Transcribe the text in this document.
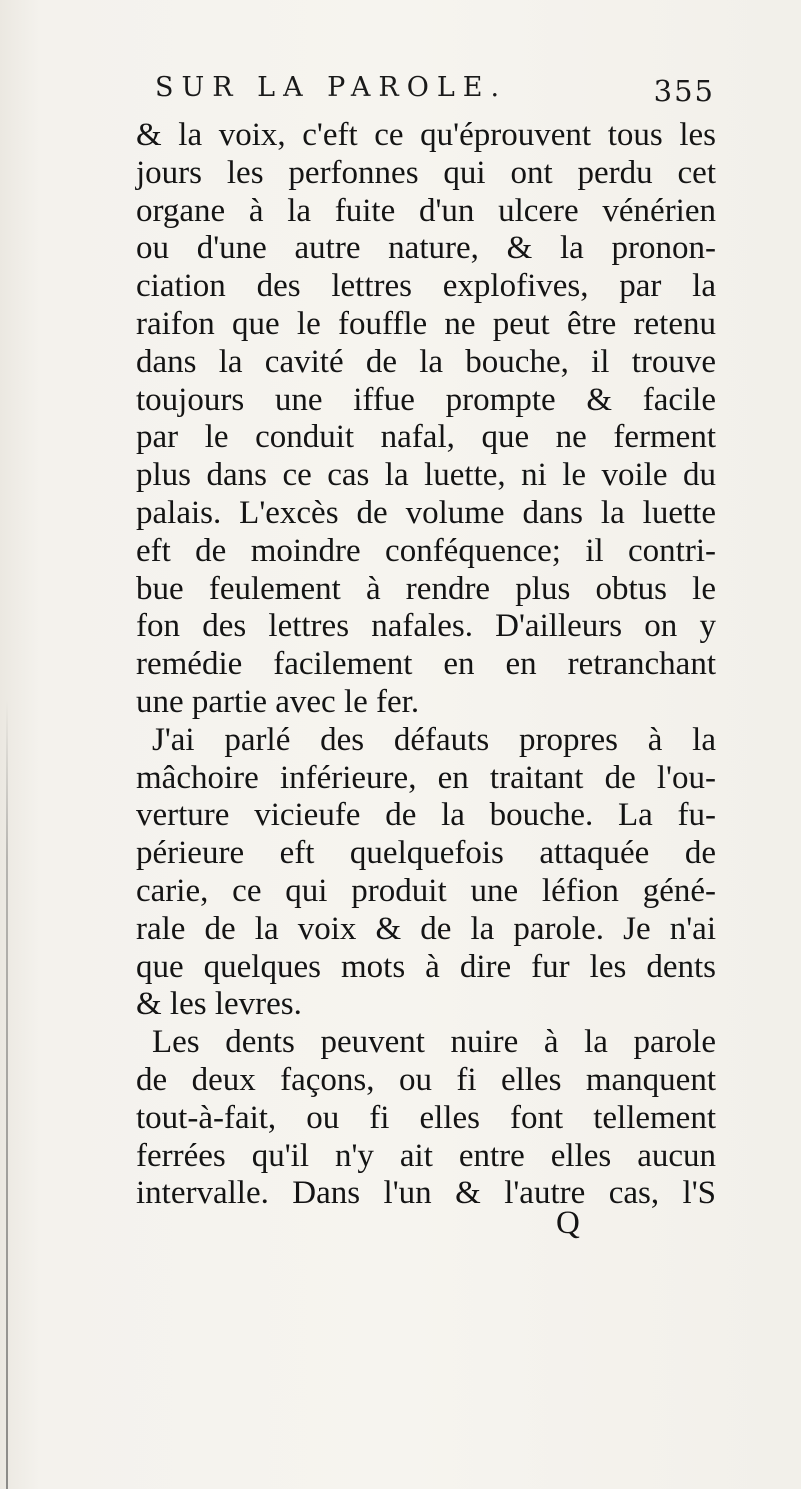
SUR LA PAROLE.	355
& la voix, c'eft ce qu'éprouvent tous les
jours les perfonnes qui ont perdu cet
organe à la fuite d'un ulcere vénérien
ou d'une autre nature, & la pronon-
ciation des lettres explofives, par la
raifon que le fouffle ne peut être retenu
dans la cavité de la bouche, il trouve
toujours une iffue prompte & facile
par le conduit nafal, que ne ferment
plus dans ce cas la luette, ni le voile du
palais. L'excès de volume dans la luette
eft de moindre conféquence; il contri-
bue feulement à rendre plus obtus le
fon des lettres nafales. D'ailleurs on y
remédie facilement en en retranchant
une partie avec le fer.
J'ai parlé des défauts propres à la
mâchoire inférieure, en traitant de l'ou-
verture vicieufe de la bouche. La fu-
périeure eft quelquefois attaquée de
carie, ce qui produit une léfion géné-
rale de la voix & de la parole. Je n'ai
que quelques mots à dire fur les dents
& les levres.
Les dents peuvent nuire à la parole
de deux façons, ou fi elles manquent
tout-à-fait, ou fi elles font tellement
ferrées qu'il n'y ait entre elles aucun
intervalle. Dans l'un & l'autre cas, l'S
Q
